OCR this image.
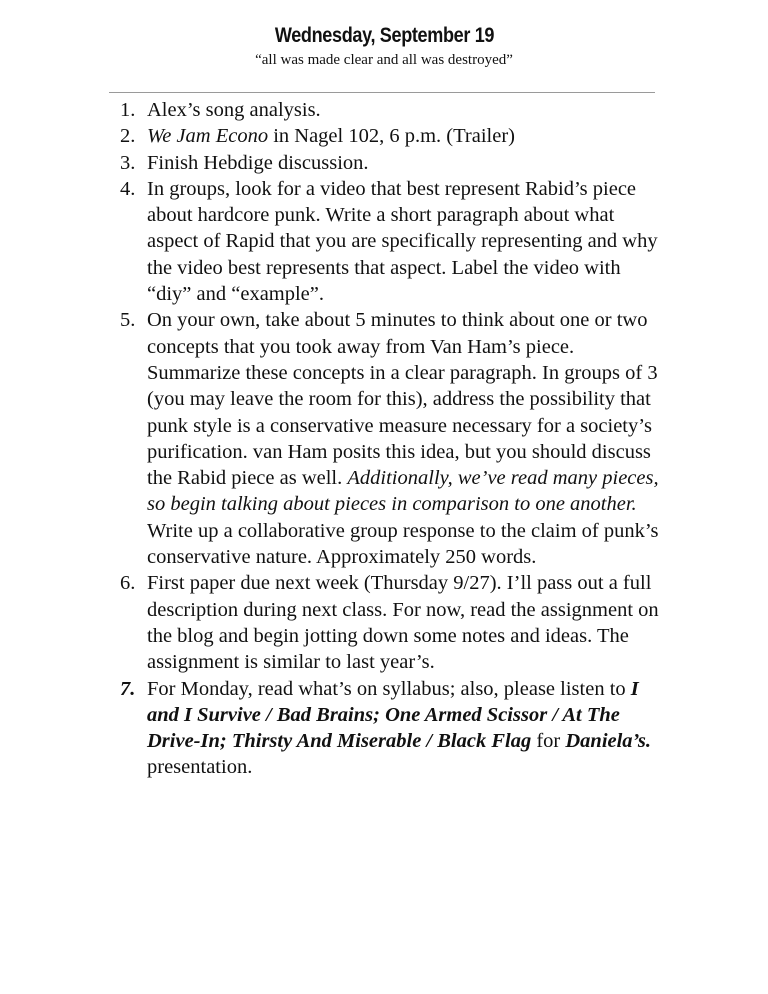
Wednesday, September 19
“all was made clear and all was destroyed”
1. Alex’s song analysis.
2. We Jam Econo in Nagel 102, 6 p.m. (Trailer)
3. Finish Hebdige discussion.
4. In groups, look for a video that best represent Rabid’s piece about hardcore punk. Write a short paragraph about what aspect of Rapid that you are specifically representing and why the video best represents that aspect. Label the video with “diy” and “example”.
5. On your own, take about 5 minutes to think about one or two concepts that you took away from Van Ham’s piece. Summarize these concepts in a clear paragraph. In groups of 3 (you may leave the room for this), address the possibility that punk style is a conservative measure necessary for a society’s purification. van Ham posits this idea, but you should discuss the Rabid piece as well. Additionally, we’ve read many pieces, so begin talking about pieces in comparison to one another. Write up a collaborative group response to the claim of punk’s conservative nature. Approximately 250 words.
6. First paper due next week (Thursday 9/27). I’ll pass out a full description during next class. For now, read the assignment on the blog and begin jotting down some notes and ideas. The assignment is similar to last year’s.
7. For Monday, read what’s on syllabus; also, please listen to I and I Survive / Bad Brains; One Armed Scissor / At The Drive-In; Thirsty And Miserable / Black Flag for Daniela’s. presentation.
